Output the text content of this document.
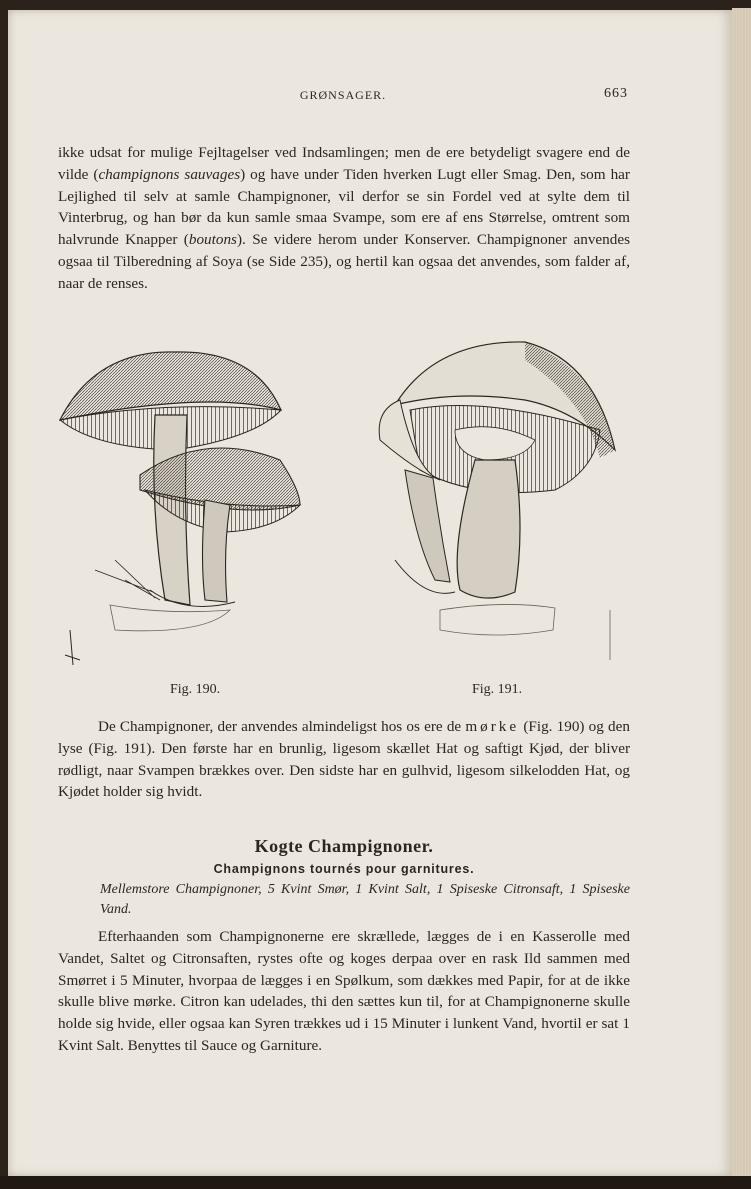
GRØNSAGER.	663

ikke udsat for mulige Fejltagelser ved Indsamlingen; men de ere betydeligt svagere end de vilde (champignons sauvages) og have under Tiden hverken Lugt eller Smag. Den, som har Lejlighed til selv at samle Champignoner, vil derfor se sin Fordel ved at sylte dem til Vinterbrug, og han bør da kun samle smaa Svampe, som ere af ens Størrelse, omtrent som halvrunde Knapper (boutons). Se videre herom under Konserver. Champignoner anvendes ogsaa til Tilberedning af Soya (se Side 235), og hertil kan ogsaa det anvendes, som falder af, naar de renses.

Fig. 190.	Fig. 191.

De Champignoner, der anvendes almindeligst hos os ere de mørke (Fig. 190) og den lyse (Fig. 191). Den første har en brunlig, ligesom skællet Hat og saftigt Kjød, der bliver rødligt, naar Svampen brækkes over. Den sidste har en gulhvid, ligesom silkelodden Hat, og Kjødet holder sig hvidt.

Kogte Champignoner.
Champignons tournés pour garnitures.
Mellemstore Champignoner, 5 Kvint Smør, 1 Kvint Salt, 1 Spiseske Citronsaft, 1 Spiseske Vand.

Efterhaanden som Champignonerne ere skrællede, lægges de i en Kasserolle med Vandet, Saltet og Citronsaften, rystes ofte og koges derpaa over en rask Ild sammen med Smørret i 5 Minuter, hvorpaa de lægges i en Spølkum, som dækkes med Papir, for at de ikke skulle blive mørke. Citron kan udelades, thi den sættes kun til, for at Champignonerne skulle holde sig hvide, eller ogsaa kan Syren trækkes ud i 15 Minuter i lunkent Vand, hvortil er sat 1 Kvint Salt. Benyttes til Sauce og Garniture.
